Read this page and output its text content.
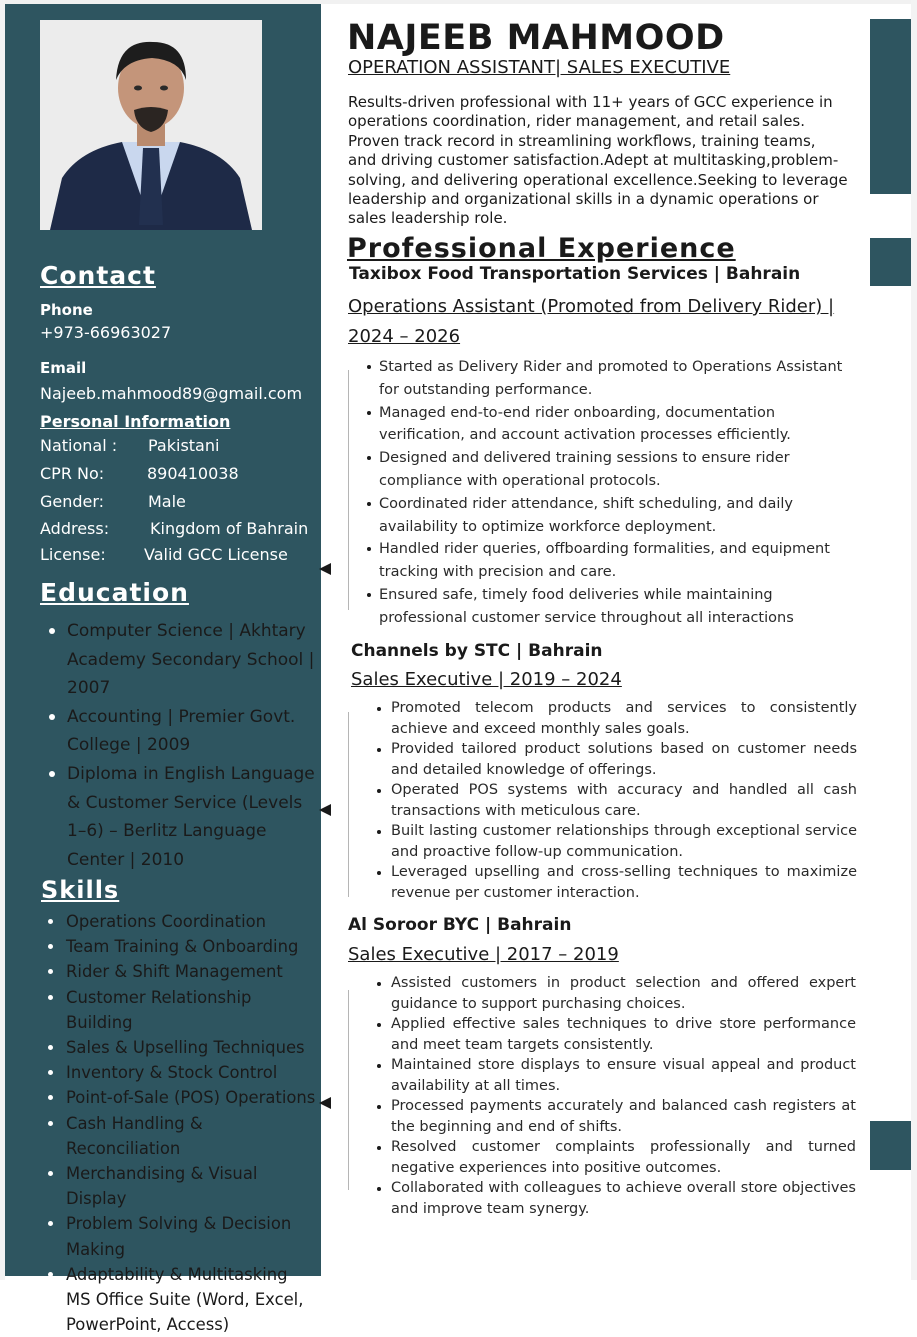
Contact
Phone
+973-66963027
Email
Najeeb.mahmood89@gmail.com
Personal Information
National : Pakistani
CPR No:	890410038
Gender:	Male
Address:	Kingdom of Bahrain
License: Valid GCC License
Education
Computer Science | Akhtary Academy Secondary School | 2007
Accounting | Premier Govt. College | 2009
Diploma in English Language & Customer Service (Levels 1–6) – Berlitz Language Center | 2010
Skills
Operations Coordination
Team Training & Onboarding
Rider & Shift Management
Customer Relationship Building
Sales & Upselling Techniques
Inventory & Stock Control
Point-of-Sale (POS) Operations
Cash Handling & Reconciliation
Merchandising & Visual Display
Problem Solving & Decision Making
Adaptability & Multitasking
MS Office Suite (Word, Excel, PowerPoint, Access)
NAJEEB MAHMOOD
OPERATION ASSISTANT| SALES EXECUTIVE
Results-driven professional with 11+ years of GCC experience in operations coordination, rider management, and retail sales. Proven track record in streamlining workflows, training teams, and driving customer satisfaction.Adept at multitasking,problem-solving, and delivering operational excellence.Seeking to leverage leadership and organizational skills in a dynamic operations or sales leadership role.
Professional Experience
Taxibox Food Transportation Services | Bahrain
Operations Assistant (Promoted from Delivery Rider) | 2024 – 2026
Started as Delivery Rider and promoted to Operations Assistant for outstanding performance.
Managed end-to-end rider onboarding, documentation verification, and account activation processes efficiently.
Designed and delivered training sessions to ensure rider compliance with operational protocols.
Coordinated rider attendance, shift scheduling, and daily availability to optimize workforce deployment.
Handled rider queries, offboarding formalities, and equipment tracking with precision and care.
Ensured safe, timely food deliveries while maintaining professional customer service throughout all interactions
Channels by STC | Bahrain
Sales Executive | 2019 – 2024
Promoted telecom products and services to consistently achieve and exceed monthly sales goals.
Provided tailored product solutions based on customer needs and detailed knowledge of offerings.
Operated POS systems with accuracy and handled all cash transactions with meticulous care.
Built lasting customer relationships through exceptional service and proactive follow-up communication.
Leveraged upselling and cross-selling techniques to maximize revenue per customer interaction.
Al Soroor BYC | Bahrain
Sales Executive | 2017 – 2019
Assisted customers in product selection and offered expert guidance to support purchasing choices.
Applied effective sales techniques to drive store performance and meet team targets consistently.
Maintained store displays to ensure visual appeal and product availability at all times.
Processed payments accurately and balanced cash registers at the beginning and end of shifts.
Resolved customer complaints professionally and turned negative experiences into positive outcomes.
Collaborated with colleagues to achieve overall store objectives and improve team synergy.
